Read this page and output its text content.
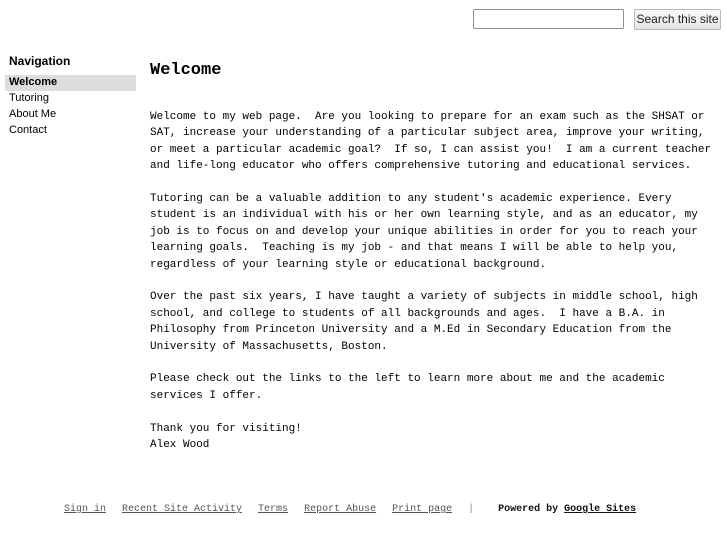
Search this site
Navigation
Welcome
Tutoring
About Me
Contact
Welcome

Welcome to my web page.  Are you looking to prepare for an exam such as the SHSAT or SAT, increase your understanding of a particular subject area, improve your writing, or meet a particular academic goal?  If so, I can assist you!  I am a current teacher and life-long educator who offers comprehensive tutoring and educational services.

Tutoring can be a valuable addition to any student's academic experience. Every student is an individual with his or her own learning style, and as an educator, my job is to focus on and develop your unique abilities in order for you to reach your learning goals.  Teaching is my job - and that means I will be able to help you, regardless of your learning style or educational background.

Over the past six years, I have taught a variety of subjects in middle school, high school, and college to students of all backgrounds and ages.  I have a B.A. in Philosophy from Princeton University and a M.Ed in Secondary Education from the University of Massachusetts, Boston.

Please check out the links to the left to learn more about me and the academic services I offer.

Thank you for visiting!
Alex Wood

Sign in Recent Site Activity Terms Report Abuse Print page | Powered by Google Sites
